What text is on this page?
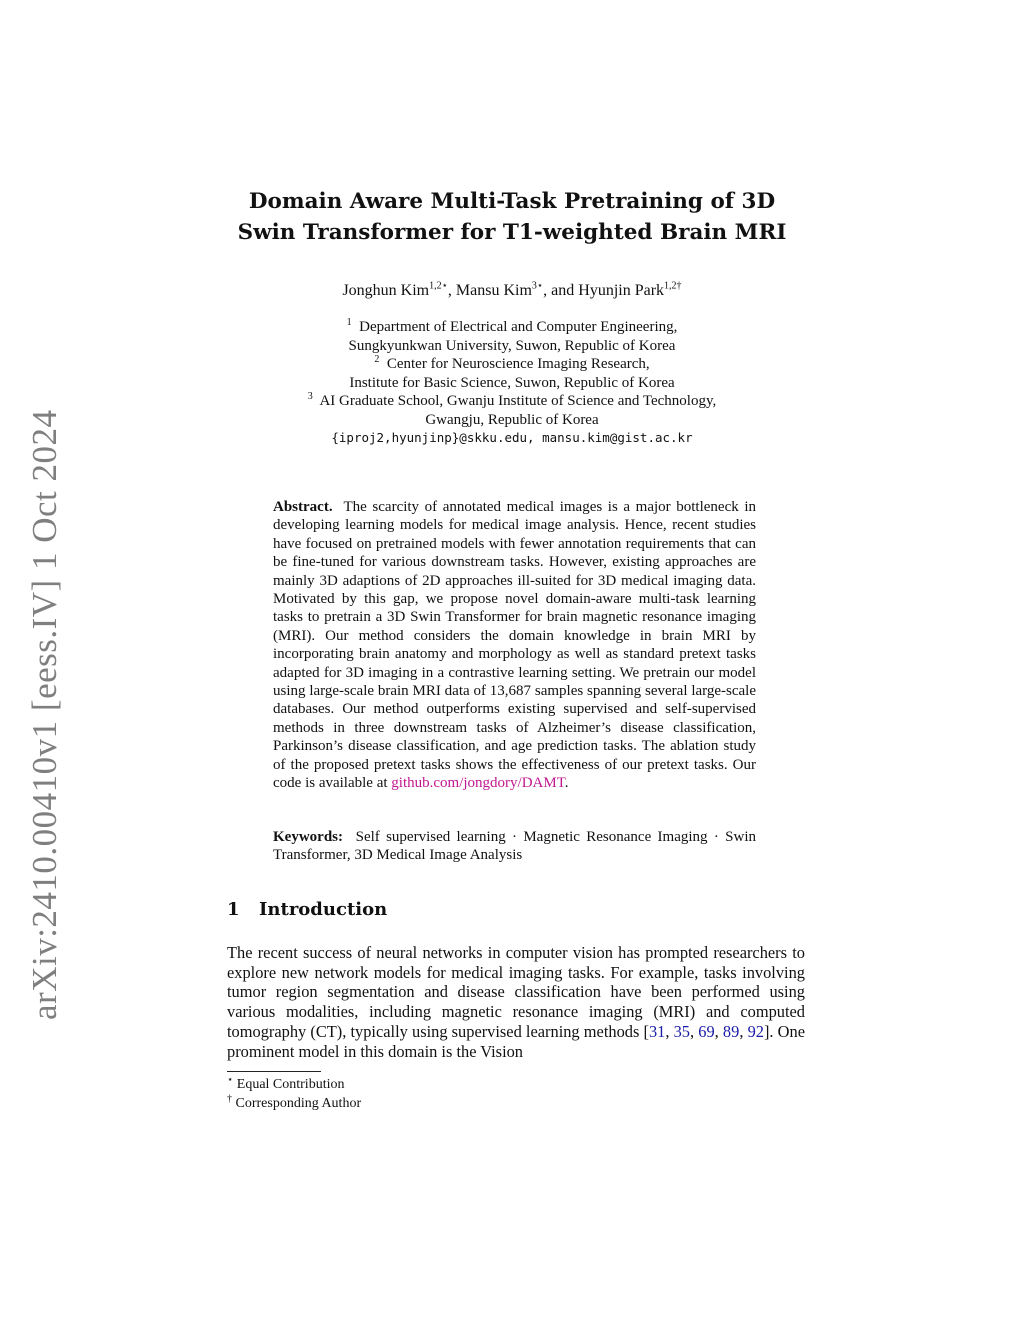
arXiv:2410.00410v1 [eess.IV] 1 Oct 2024
Domain Aware Multi-Task Pretraining of 3D
Swin Transformer for T1-weighted Brain MRI
Jonghun Kim$^{1,2⋆}$, Mansu Kim$^{3⋆}$, and Hyunjin Park$^{1,2\dagger}$
$^1$ Department of Electrical and Computer Engineering,
Sungkyunkwan University, Suwon, Republic of Korea
$^2$ Center for Neuroscience Imaging Research,
Institute for Basic Science, Suwon, Republic of Korea
$^3$ AI Graduate School, Gwanju Institute of Science and Technology,
Gwangju, Republic of Korea
{iproj2,hyunjinp}@skku.edu, mansu.kim@gist.ac.kr
Abstract. The scarcity of annotated medical images is a major bottleneck in developing learning models for medical image analysis. Hence, recent studies have focused on pretrained models with fewer annotation requirements that can be fine-tuned for various downstream tasks. However, existing approaches are mainly 3D adaptions of 2D approaches ill-suited for 3D medical imaging data. Motivated by this gap, we propose novel domain-aware multi-task learning tasks to pretrain a 3D Swin Transformer for brain magnetic resonance imaging (MRI). Our method considers the domain knowledge in brain MRI by incorporating brain anatomy and morphology as well as standard pretext tasks adapted for 3D imaging in a contrastive learning setting. We pretrain our model using large-scale brain MRI data of 13,687 samples spanning several large-scale databases. Our method outperforms existing supervised and self-supervised methods in three downstream tasks of Alzheimer’s disease classification, Parkinson’s disease classification, and age prediction tasks. The ablation study of the proposed pretext tasks shows the effectiveness of our pretext tasks. Our code is available at github.com/jongdory/DAMT.
Keywords: Self supervised learning · Magnetic Resonance Imaging · Swin Transformer, 3D Medical Image Analysis
1 Introduction
The recent success of neural networks in computer vision has prompted researchers to explore new network models for medical imaging tasks. For example, tasks involving tumor region segmentation and disease classification have been performed using various modalities, including magnetic resonance imaging (MRI) and computed tomography (CT), typically using supervised learning methods [31, 35, 69, 89, 92]. One prominent model in this domain is the Vision
⋆ Equal Contribution
† Corresponding Author
